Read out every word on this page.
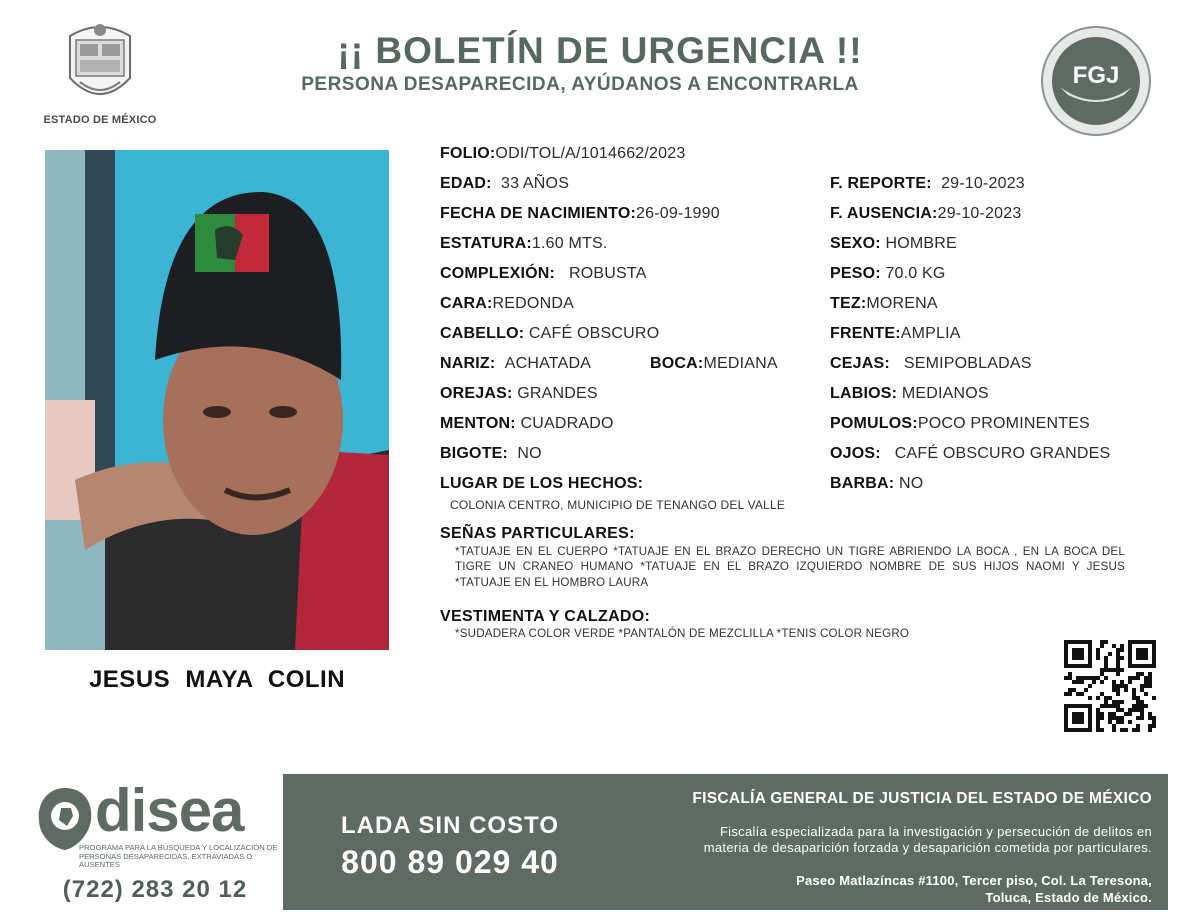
ESTADO DE MÉXICO
¡¡ BOLETÍN DE URGENCIA !!
PERSONA DESAPARECIDA, AYÚDANOS A ENCONTRARLA	FGJ
JESUS MAYA COLIN
FOLIO:ODI/TOL/A/1014662/2023
EDAD: 33 AÑOS
FECHA DE NACIMIENTO:26-09-1990
ESTATURA:1.60 MTS.
COMPLEXIÓN: ROBUSTA
CARA:REDONDA
CABELLO: CAFÉ OBSCURO
NARIZ: ACHATADA	BOCA:MEDIANA
OREJAS: GRANDES
MENTON: CUADRADO
BIGOTE: NO
LUGAR DE LOS HECHOS:
COLONIA CENTRO, MUNICIPIO DE TENANGO DEL VALLE
F. REPORTE: 29-10-2023
F. AUSENCIA:29-10-2023
SEXO: HOMBRE
PESO: 70.0 KG
TEZ:MORENA
FRENTE:AMPLIA
CEJAS: SEMIPOBLADAS
LABIOS: MEDIANOS
POMULOS:POCO PROMINENTES
OJOS: CAFÉ OBSCURO GRANDES
BARBA: NO
SEÑAS PARTICULARES:
*TATUAJE EN EL CUERPO *TATUAJE EN EL BRAZO DERECHO UN TIGRE ABRIENDO LA BOCA , EN LA BOCA DEL TIGRE UN CRANEO HUMANO *TATUAJE EN EL BRAZO IZQUIERDO NOMBRE DE SUS HIJOS NAOMI Y JESUS *TATUAJE EN EL HOMBRO LAURA
VESTIMENTA Y CALZADO:
*SUDADERA COLOR VERDE *PANTALÓN DE MEZCLILLA *TENIS COLOR NEGRO
disea
PROGRAMA PARA LA BÚSQUEDA Y LOCALIZACIÓN DE PERSONAS DESAPARECIDAS, EXTRAVIADAS O AUSENTES
(722) 283 20 12
LADA SIN COSTO
800 89 029 40
FISCALÍA GENERAL DE JUSTICIA DEL ESTADO DE MÉXICO
Fiscalía especializada para la investigación y persecución de delitos en
materia de desaparición forzada y desaparición cometida por particulares.
Paseo Matlazíncas #1100, Tercer piso, Col. La Teresona,
Toluca, Estado de México.
